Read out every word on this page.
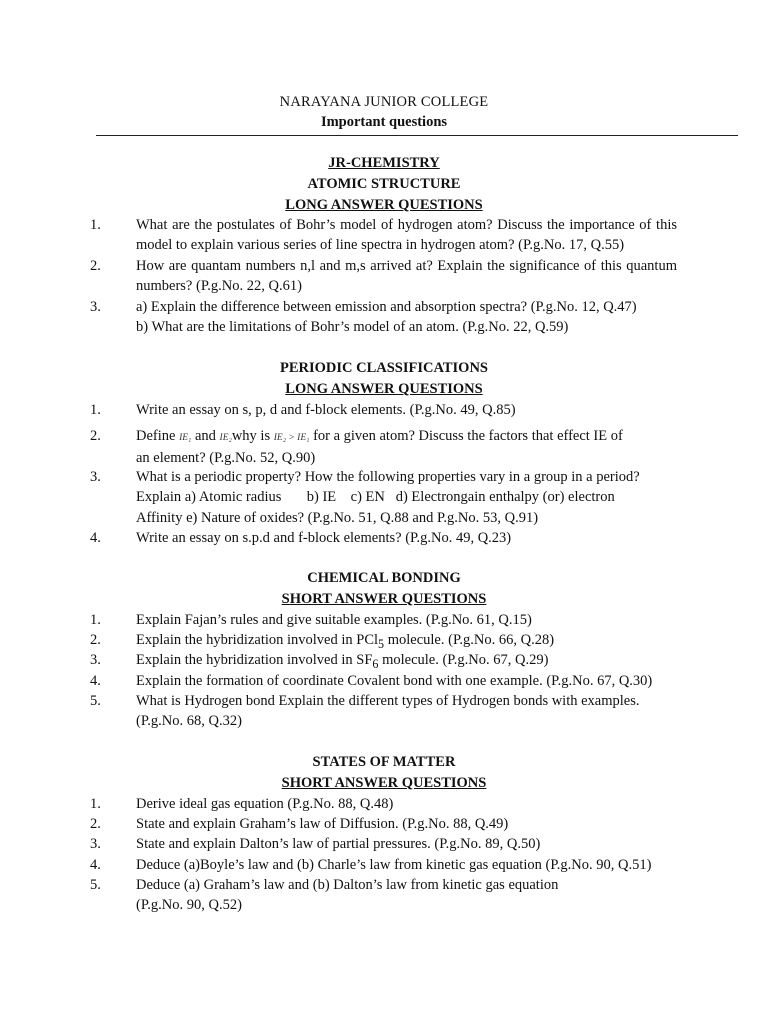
NARAYANA JUNIOR COLLEGE
Important questions
JR-CHEMISTRY
ATOMIC STRUCTURE
LONG ANSWER QUESTIONS
1. What are the postulates of Bohr’s model of hydrogen atom? Discuss the importance of this model to explain various series of line spectra in hydrogen atom? (P.g.No. 17, Q.55)
2. How are quantam numbers n,l and m,s arrived at? Explain the significance of this quantum numbers? (P.g.No. 22, Q.61)
3. a) Explain the difference between emission and absorption spectra? (P.g.No. 12, Q.47)
b) What are the limitations of Bohr’s model of an atom. (P.g.No. 22, Q.59)
PERIODIC CLASSIFICATIONS
LONG ANSWER QUESTIONS
1. Write an essay on s, p, d and f-block elements. (P.g.No. 49, Q.85)
2. Define IE₁ and IE₂why is IE₂ > IE₁ for a given atom? Discuss the factors that effect IE of
an element? (P.g.No. 52, Q.90)
3. What is a periodic property? How the following properties vary in a group in a period?
Explain a) Atomic radius       b) IE    c) EN   d) Electrongain enthalpy (or) electron
Affinity e) Nature of oxides? (P.g.No. 51, Q.88 and P.g.No. 53, Q.91)
4. Write an essay on s.p.d and f-block elements? (P.g.No. 49, Q.23)
CHEMICAL BONDING
SHORT ANSWER QUESTIONS
1. Explain Fajan’s rules and give suitable examples. (P.g.No. 61, Q.15)
2. Explain the hybridization involved in PCl$_5$ molecule. (P.g.No. 66, Q.28)
3. Explain the hybridization involved in $SF_6$ molecule. (P.g.No. 67, Q.29)
4. Explain the formation of coordinate Covalent bond with one example. (P.g.No. 67, Q.30)
5. What is Hydrogen bond Explain the different types of Hydrogen bonds with examples.
(P.g.No. 68, Q.32)
STATES OF MATTER
SHORT ANSWER QUESTIONS
1. Derive ideal gas equation (P.g.No. 88, Q.48)
2. State and explain Graham’s law of Diffusion. (P.g.No. 88, Q.49)
3. State and explain Dalton’s law of partial pressures. (P.g.No. 89, Q.50)
4. Deduce (a)Boyle’s law and (b) Charle’s law from kinetic gas equation (P.g.No. 90, Q.51)
5. Deduce (a) Graham’s law and (b) Dalton’s law from kinetic gas equation
(P.g.No. 90, Q.52)
